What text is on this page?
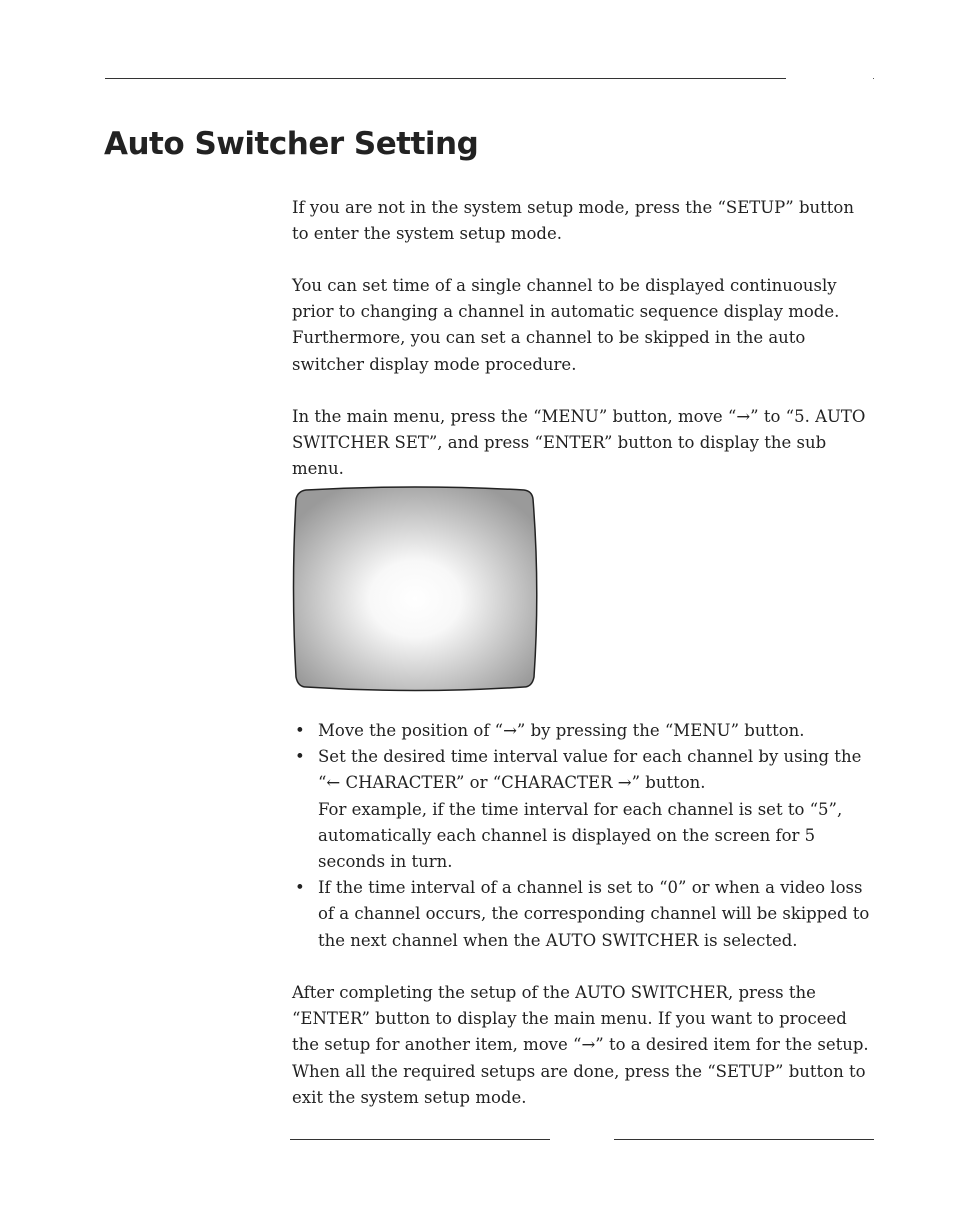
Auto Switcher Setting

If you are not in the system setup mode, press the “SETUP” button to enter the system setup mode.

You can set time of a single channel to be displayed continuously prior to changing a channel in automatic sequence display mode. Furthermore, you can set a channel to be skipped in the auto switcher display mode procedure.

In the main menu, press the “MENU” button, move “→” to “5. AUTO SWITCHER SET”, and press “ENTER” button to display the sub menu.

• Move the position of “→” by pressing the “MENU” button.
• Set the desired time interval value for each channel by using the “← CHARACTER” or “CHARACTER →” button.
For example, if the time interval for each channel is set to “5”, automatically each channel is displayed on the screen for 5 seconds in turn.
• If the time interval of a channel is set to “0” or when a video loss of a channel occurs, the corresponding channel will be skipped to the next channel when the AUTO SWITCHER is selected.

After completing the setup of the AUTO SWITCHER, press the “ENTER” button to display the main menu. If you want to proceed the setup for another item, move “→” to a desired item for the setup. When all the required setups are done, press the “SETUP” button to exit the system setup mode.
